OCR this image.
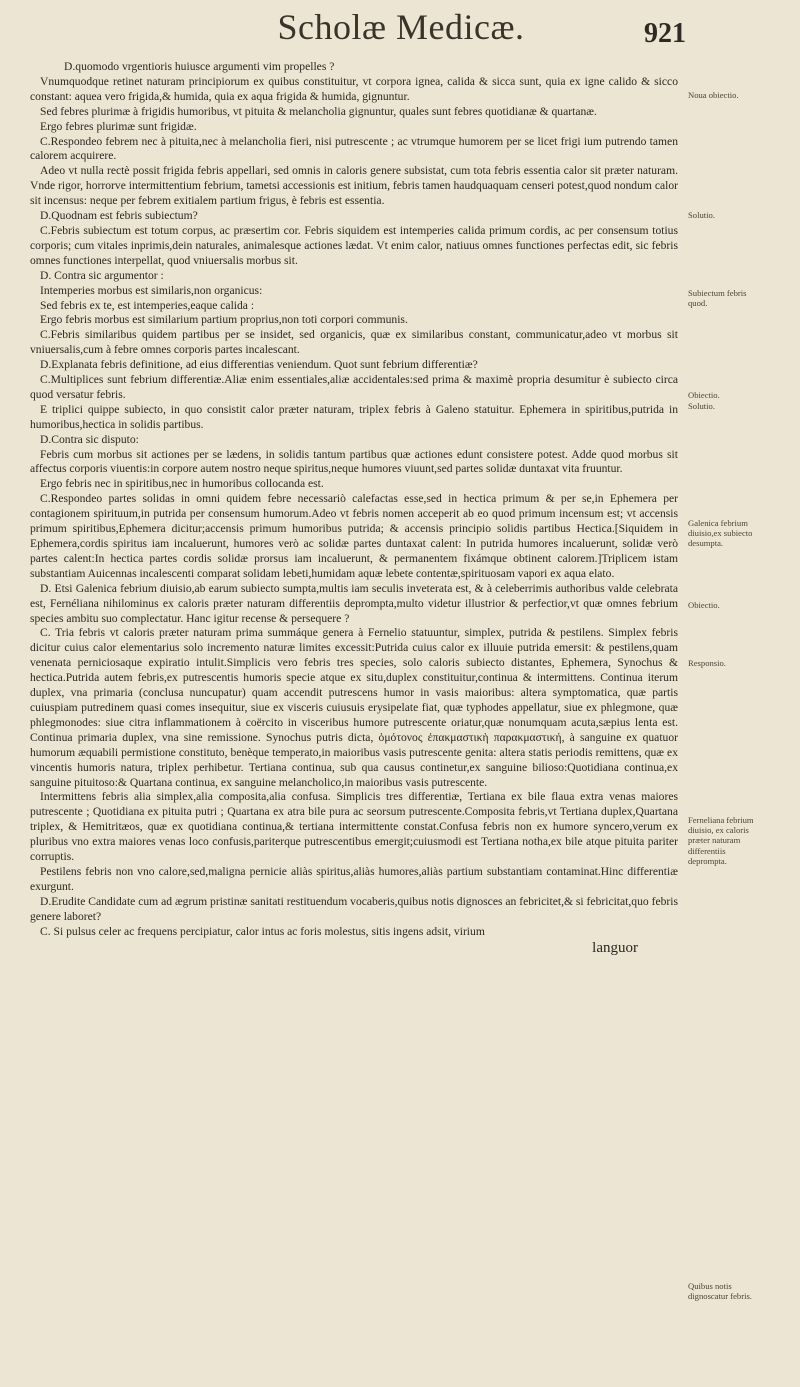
Scholæ Medicæ.	921

D.quomodo vrgentioris huiusce argumenti vim propelles ?

Vnumquodque retinet naturam principiorum ex quibus constituitur, vt corpora ignea, calida & sicca sunt, quia ex igne calido & sicco constant: aquea vero frigida,& humida, quia ex aqua frigida & humida, gignuntur.

Sed febres plurimæ à frigidis humoribus, vt pituita & melancholia gignuntur, quales sunt febres quotidianæ & quartanæ.

Ergo febres plurimæ sunt frigidæ.

C.Respondeo febrem nec à pituita,nec à melancholia fieri, nisi putrescente ; ac vtrumque humorem per se licet frigi ium putrendo tamen calorem acquirere.

Adeo vt nulla rectè possit frigida febris appellari, sed omnis in caloris genere subsistat, cum tota febris essentia calor sit præter naturam. Vnde rigor, horrorve intermittentium febrium, tametsi accessionis est initium, febris tamen haudquaquam censeri potest,quod nondum calor sit incensus: neque per febrem exitialem partium frigus, è febris est essentia.

D.Quodnam est febris subiectum?

C.Febris subiectum est totum corpus, ac præsertim cor. Febris siquidem est intemperies calida primum cordis, ac per consensum totius corporis; cum vitales inprimis,dein naturales, animalesque actiones lædat. Vt enim calor, natiuus omnes functiones perfectas edit, sic febris omnes functiones interpellat, quod vniuersalis morbus sit.

D. Contra sic argumentor :

Intemperies morbus est similaris,non organicus:

Sed febris ex te, est intemperies,eaque calida :

Ergo febris morbus est similarium partium proprius,non toti corpori communis.

C.Febris similaribus quidem partibus per se insidet, sed organicis, quæ ex similaribus constant, communicatur,adeo vt morbus sit vniuersalis,cum à febre omnes corporis partes incalescant.

D.Explanata febris definitione, ad eius differentias veniendum. Quot sunt febrium differentiæ?

C.Multiplices sunt febrium differentiæ.Aliæ enim essentiales,aliæ accidentales:sed prima & maximè propria desumitur è subiecto circa quod versatur febris.

E triplici quippe subiecto, in quo consistit calor præter naturam, triplex febris à Galeno statuitur. Ephemera in spiritibus,putrida in humoribus,hectica in solidis partibus.

D.Contra sic disputo:

Febris cum morbus sit actiones per se lædens, in solidis tantum partibus quæ actiones edunt consistere potest. Adde quod morbus sit affectus corporis viuentis:in corpore autem nostro neque spiritus,neque humores viuunt,sed partes solidæ duntaxat vita fruuntur.

Ergo febris nec in spiritibus,nec in humoribus collocanda est.

C.Respondeo partes solidas in omni quidem febre necessariò calefactas esse,sed in hectica primum & per se,in Ephemera per contagionem spirituum,in putrida per consensum humorum.Adeo vt febris nomen acceperit ab eo quod primum incensum est; vt accensis primum spiritibus,Ephemera dicitur;accensis primum humoribus putrida; & accensis principio solidis partibus Hectica.[Siquidem in Ephemera,cordis spiritus iam incaluerunt, humores verò ac solidæ partes duntaxat calent: In putrida humores incaluerunt, solidæ verò partes calent:In hectica partes cordis solidæ prorsus iam incaluerunt, & permanentem fixámque obtinent calorem.]Triplicem istam substantiam Auicennas incalescenti comparat solidam lebeti,humidam aquæ lebete contentæ,spirituosam vapori ex aqua elato.

D. Etsi Galenica febrium diuisio,ab earum subiecto sumpta,multis iam seculis inveterata est, & à celeberrimis authoribus valde celebrata est, Fernéliana nihilominus ex caloris præter naturam differentiis deprompta,multo videtur illustrior & perfectior,vt quæ omnes febrium species ambitu suo complectatur. Hanc igitur recense & persequere ?

C. Tria febris vt caloris præter naturam prima summáque genera à Fernelio statuuntur, simplex, putrida & pestilens. Simplex febris dicitur cuius calor elementarius solo incremento naturæ limites excessit:Putrida cuius calor ex illuuie putrida emersit: & pestilens,quam venenata perniciosaque expiratio intulit.Simplicis vero febris tres species, solo caloris subiecto distantes, Ephemera, Synochus & hectica.Putrida autem febris,ex putrescentis humoris specie atque ex situ,duplex constituitur,continua & intermittens. Continua iterum duplex, vna primaria (conclusa nuncupatur) quam accendit putrescens humor in vasis maioribus: altera symptomatica, quæ partis cuiuspiam putredinem quasi comes insequitur, siue ex visceris cuiusuis erysipelate fiat, quæ typhodes appellatur, siue ex phlegmone, quæ phlegmonodes: siue citra inflammationem à coërcito in visceribus humore putrescente oriatur,quæ nonumquam acuta,sæpius lenta est. Continua primaria duplex, vna sine remissione. Synochus putris dicta, ὁμότονος ἐπακμαστικὴ παρακμαστική, à sanguine ex quatuor humorum æquabili permistione constituto, benèque temperato,in maioribus vasis putrescente genita: altera statis periodis remittens, quæ ex vincentis humoris natura, triplex perhibetur. Tertiana continua, sub qua causus continetur,ex sanguine bilioso:Quotidiana continua,ex sanguine pituitoso:& Quartana continua, ex sanguine melancholico,in maioribus vasis putrescente.

Intermittens febris alia simplex,alia composita,alia confusa. Simplicis tres differentiæ, Tertiana ex bile flaua extra venas maiores putrescente ; Quotidiana ex pituita putri ; Quartana ex atra bile pura ac seorsum putrescente.Composita febris,vt Tertiana duplex,Quartana triplex, & Hemitritæos, quæ ex quotidiana continua,& tertiana intermittente constat.Confusa febris non ex humore syncero,verum ex pluribus vno extra maiores venas loco confusis,pariterque putrescentibus emergit;cuiusmodi est Tertiana notha,ex bile atque pituita pariter corruptis.

Pestilens febris non vno calore,sed,maligna pernicie aliàs spiritus,aliàs humores,aliàs partium substantiam contaminat.Hinc differentiæ exurgunt.

D.Erudite Candidate cum ad ægrum pristinæ sanitati restituendum vocaberis,quibus notis dignosces an febricitet,& si febricitat,quo febris genere laboret?

C. Si pulsus celer ac frequens percipiatur, calor intus ac foris molestus, sitis ingens adsit, virium

languor
Noua obiectio.
Solutio.
Subiectum febris quod.
Obiectio.
Solutio.
Galenica febrium diuisio,ex subiecto desumpta.
Obiectio.
Responsio.
Ferneliana febrium diuisio, ex caloris præter naturam differentiis deprompta.
Quibus notis dignoscatur febris.
